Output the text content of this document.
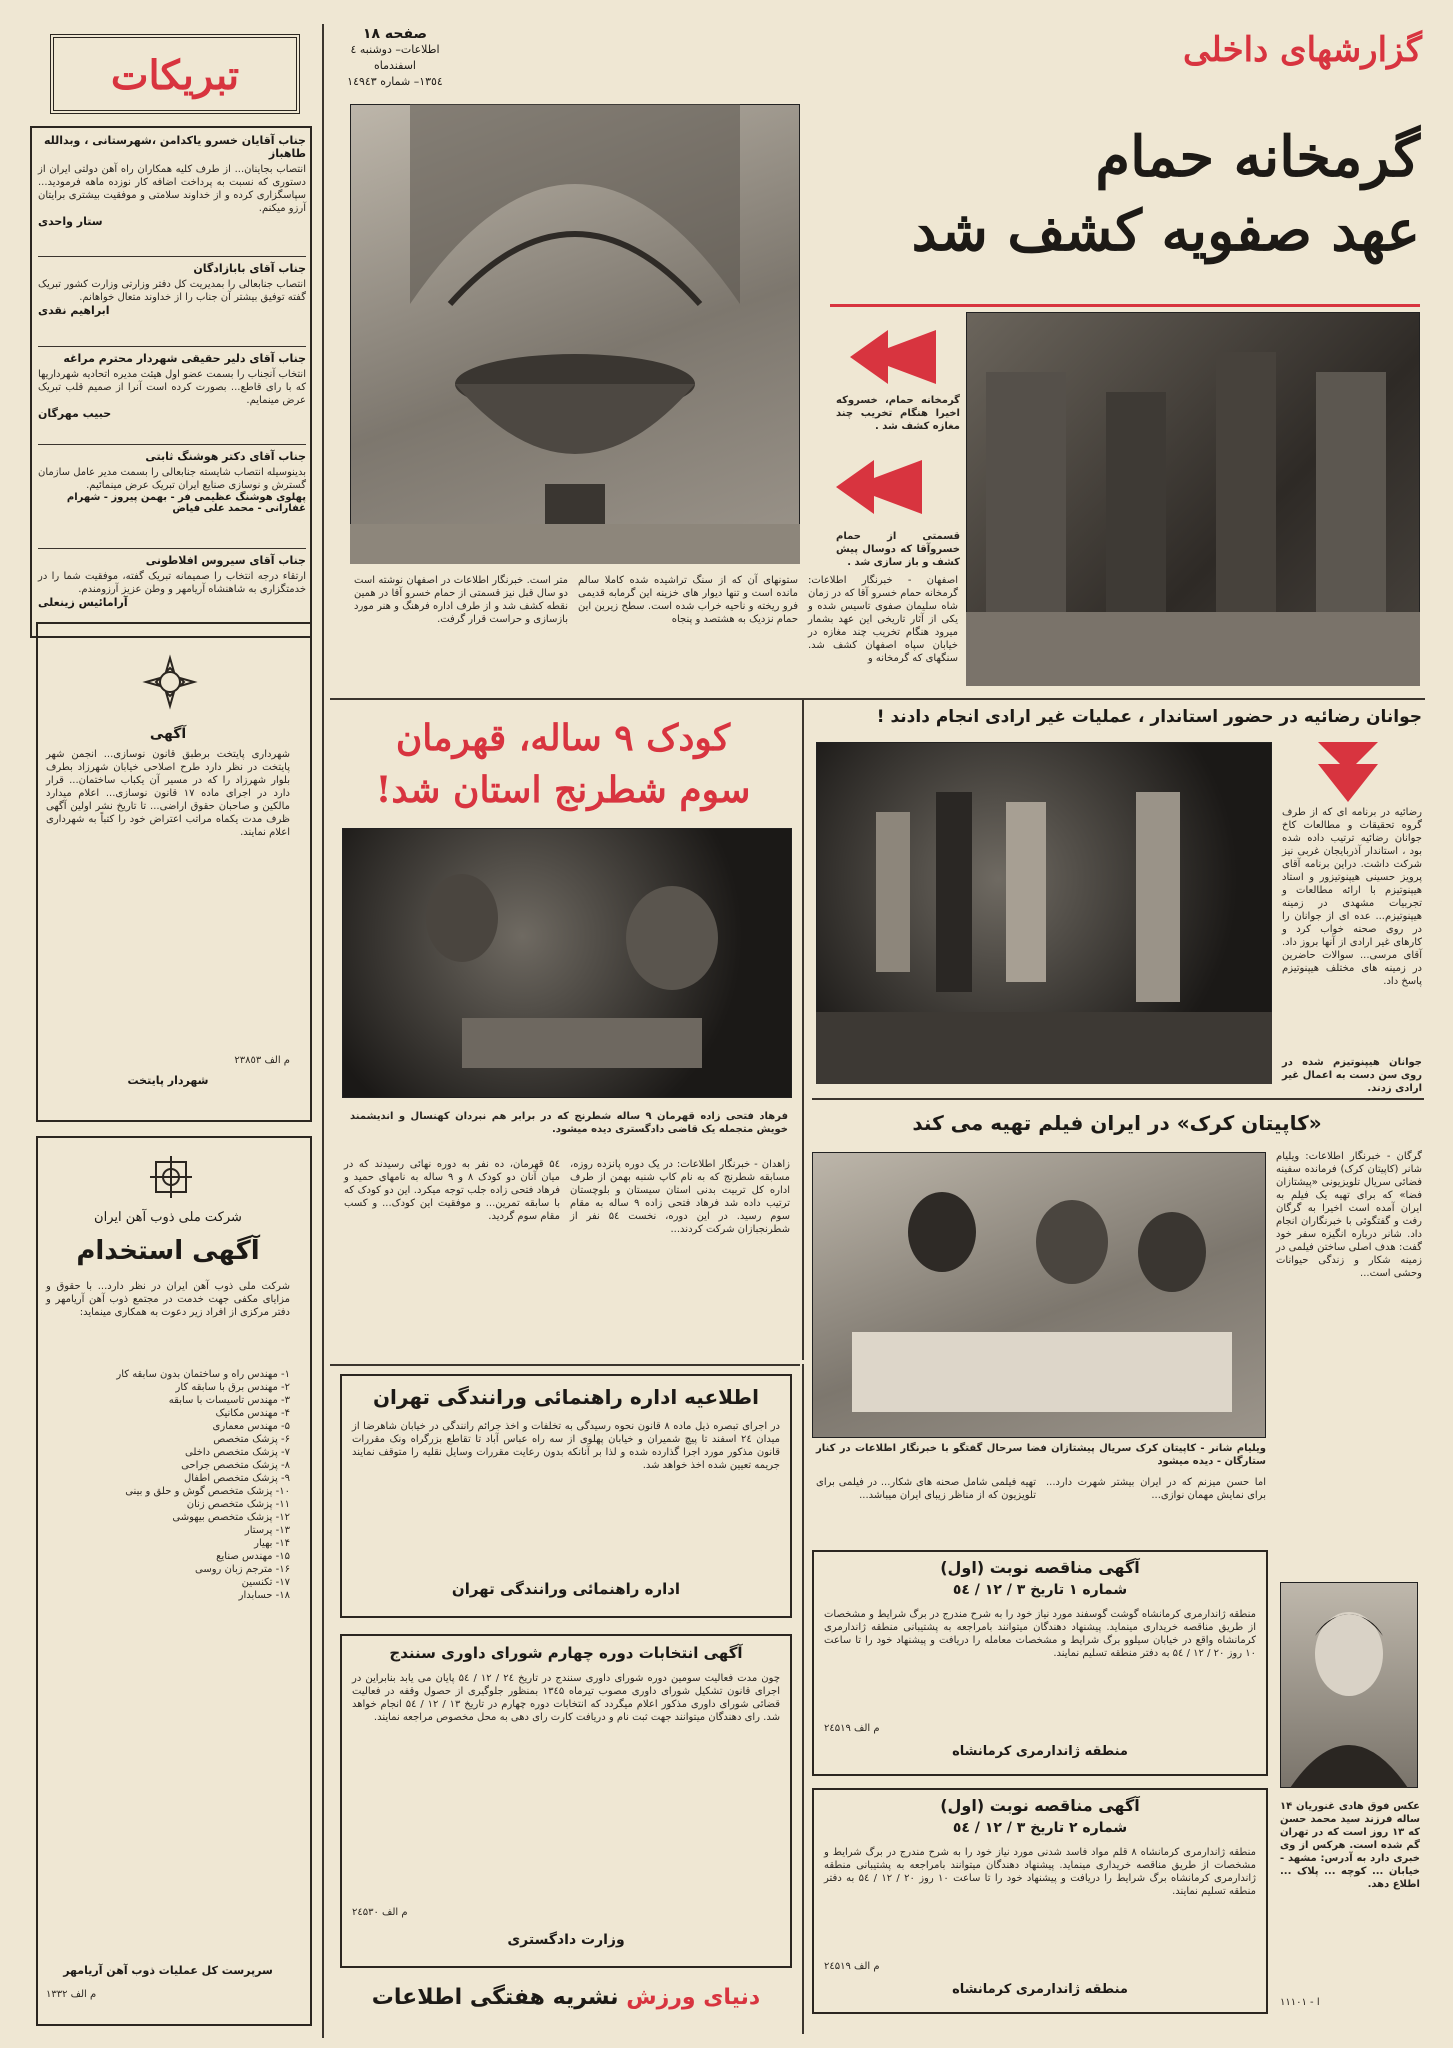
صفحه ۱۸
اطلاعات– دوشنبه ٤ اسفندماه
۱۳٥٤– شماره ۱٤۹٤۳
گزارشهای داخلی
تبریکات
جناب آقایان خسرو یاکدامن ،شهرستانی ، وبدالله طاهباز
انتصاب بجاینان... از طرف کلیه همکاران راه آهن دولتی ایران از دستوری که نسبت به پرداخت اضافه کار نوزده ماهه فرمودید... سپاسگزاری کرده و از خداوند سلامتی و موفقیت بیشتری برایتان آرزو میکنم.
ستار واحدی
جناب آقای بابازادگان
انتصاب جنابعالی را بمدیریت کل دفتر وزارتی وزارت کشور تبریک گفته توفیق بیشتر آن جناب را از خداوند متعال خواهانم.
ابراهیم نقدی
جناب آقای دلیر حقیقی شهردار محترم مراغه
انتخاب آنجناب را بسمت عضو اول هیئت مدیره اتحادیه شهرداریها که با رای قاطع... بصورت کرده است آنرا از صمیم قلب تبریک عرض مینمایم.
حبیب مهرگان
جناب آقای دکتر هوشنگ ثابتی
بدینوسیله انتصاب شایسته جنابعالی را بسمت مدیر عامل سازمان گسترش و نوسازی صنایع ایران تبریک عرض مینمائیم.
پهلوی هوشنگ عظیمی فر - بهمن پیروز - شهرام غفارانی - محمد علی فیاض
جناب آقای سیروس افلاطونی
ارتقاء درجه انتخاب را صمیمانه تبریک گفته، موفقیت شما را در خدمتگزاری به شاهنشاه آریامهر و وطن عزیز آرزومندم.
آرامائیس زینعلی
آگهی
شهرداری پایتخت برطبق قانون نوسازی... انجمن شهر پایتخت در نظر دارد طرح اصلاحی خیابان شهرزاد بطرف بلوار شهرزاد را که در مسیر آن یکباب ساختمان... قرار دارد در اجرای ماده ۱۷ قانون نوسازی... اعلام میدارد مالکین و صاحبان حقوق اراضی... تا تاریخ نشر اولین آگهی ظرف مدت یکماه مراتب اعتراض خود را کتباً به شهرداری اعلام نمایند.
م الف ۲۳٨٥۳
شهردار پایتخت
شرکت ملی ذوب آهن ایران
آگهی استخدام
شرکت ملی ذوب آهن ایران در نظر دارد... با حقوق و مزایای مکفی جهت خدمت در مجتمع ذوب آهن آریامهر و دفتر مرکزی از افراد زیر دعوت به همکاری مینماید:
۱- مهندس راه و ساختمان بدون سابقه کار
۲- مهندس برق با سابقه کار
۳- مهندس تاسیسات با سابقه
۴- مهندس مکانیک
۵- مهندس معماری
۶- پزشک متخصص
۷- پزشک متخصص داخلی
۸- پزشک متخصص جراحی
۹- پزشک متخصص اطفال
۱۰- پزشک متخصص گوش و حلق و بینی
۱۱- پزشک متخصص زنان
۱۲- پزشک متخصص بیهوشی
۱۳- پرستار
۱۴- بهیار
۱۵- مهندس صنایع
۱۶- مترجم زبان روسی
۱۷- تکنسین
۱۸- حسابدار
سرپرست کل عملیات ذوب آهن آریامهر
م الف ۱۳۳۲
گرمخانه حمام
عهد صفویه کشف شد
گرمخانه حمام، خسروکه اخیرا هنگام تخریب چند مغازه کشف شد .
قسمتی از حمام خسروآقا که دوسال پیش کشف و باز سازی شد .
اصفهان - خبرنگار اطلاعات: گرمخانه حمام خسرو آقا که در زمان شاه سلیمان صفوی تاسیس شده و یکی از آثار تاریخی این عهد بشمار میرود هنگام تخریب چند مغازه در خیابان سپاه اصفهان کشف شد. سنگهای که گرمخانه و
ستونهای آن که از سنگ تراشیده شده کاملا سالم مانده است و تنها دیوار های خزینه این گرمابه قدیمی فرو ریخته و ناحیه خراب شده است. سطح زیرین این حمام نزدیک به هشتصد و پنجاه
متر است. خبرنگار اطلاعات در اصفهان نوشته است دو سال قبل نیز قسمتی از حمام خسرو آقا در همین نقطه کشف شد و از طرف اداره فرهنگ و هنر مورد بازسازی و حراست قرار گرفت.
کودک ۹ ساله، قهرمان
سوم شطرنج استان شد!
فرهاد فتحی زاده قهرمان ۹ ساله شطرنج که در برابر هم نبردان کهنسال و اندیشمند خویش متجمله یک قاضی دادگستری دیده میشود.
زاهدان - خبرنگار اطلاعات: در یک دوره پانزده روزه، مسابقه شطرنج که به نام کاپ شنبه بهمن از طرف اداره کل تربیت بدنی استان سیستان و بلوچستان ترتیب داده شد فرهاد فتحی زاده ۹ ساله به مقام سوم رسید. در این دوره، نخست ۵٤ نفر از شطرنجبازان شرکت کردند...
۵٤ قهرمان، ده نفر به دوره نهائی رسیدند که در میان آنان دو کودک ۸ و ۹ ساله به نامهای حمید و فرهاد فتحی زاده جلب توجه میکرد. این دو کودک که با سابقه تمرین... و موفقیت این کودک... و کسب مقام سوم گردید.
جوانان رضائیه در حضور استاندار ، عملیات غیر ارادی انجام دادند !
رضائیه در برنامه ای که از طرف گروه تحقیقات و مطالعات کاخ جوانان رضائیه ترتیب داده شده بود ، استاندار آذربایجان غربی نیز شرکت داشت. دراین برنامه آقای پرویز حسینی هیپنوتیزور و استاد هیپنوتیزم با ارائه مطالعات و تجربیات مشهدی در زمینه هیپنوتیزم... عده ای از جوانان را در روی صحنه خواب کرد و کارهای غیر ارادی از آنها بروز داد. آقای مرسی... سوالات حاضرین در زمینه های مختلف هیپنوتیزم پاسخ داد.
جوانان هیپنوتیزم شده در روی سن دست به اعمال غیر ارادی زدند.
«کاپیتان کرک» در ایران فیلم تهیه می کند
گرگان - خبرنگار اطلاعات: ویلیام شانر (کاپیتان کرک) فرمانده سفینه فضائی سریال تلویزیونی «پیشتازان فضا» که برای تهیه یک فیلم به ایران آمده است اخیرا به گرگان رفت و گفتگوئی با خبرنگاران انجام داد. شانر درباره انگیزه سفر خود گفت: هدف اصلی ساختن فیلمی در زمینه شکار و زندگی حیوانات وحشی است...
ویلیام شانر - کاپیتان کرک سریال پیشتازان فضا سرحال گفتگو با خبرنگار اطلاعات در کنار ستارگان - دیده میشود
اما حسن میزنم که در ایران بیشتر شهرت دارد... برای نمایش مهمان نوازی...
تهیه فیلمی شامل صحنه های شکار... در فیلمی برای تلویزیون که از مناظر زیبای ایران میباشد...
اطلاعیه اداره راهنمائی ورانندگی تهران
در اجرای تبصره ذیل ماده ۸ قانون نحوه رسیدگی به تخلفات و اخذ جرائم رانندگی در خیابان شاهرضا از میدان ۲٤ اسفند تا پیچ شمیران و خیابان پهلوی از سه راه عباس آباد تا تقاطع بزرگراه ونک مقررات قانون مذکور مورد اجرا گذارده شده و لذا بر آنانکه بدون رعایت مقررات وسایل نقلیه را متوقف نمایند جریمه تعیین شده اخذ خواهد شد.
اداره راهنمائی ورانندگی تهران
آگهی انتخابات دوره چهارم شورای داوری سنندج
چون مدت فعالیت سومین دوره شورای داوری سنندج در تاریخ ۲٤ / ۱۲ / ۵٤ پایان می یابد بنابراین در اجرای قانون تشکیل شورای داوری مصوب تیرماه ۱۳٤۵ بمنظور جلوگیری از حصول وقفه در فعالیت قضائی شورای داوری مذکور اعلام میگردد که انتخابات دوره چهارم در تاریخ ۱۳ / ۱۲ / ۵٤ انجام خواهد شد. رای دهندگان میتوانند جهت ثبت نام و دریافت کارت رای دهی به محل مخصوص مراجعه نمایند.
م الف ۲٤۵۳۰
وزارت دادگستری
دنیای ورزش نشریه هفتگی اطلاعات
آگهی مناقصه نوبت (اول)
شماره ۱ تاریخ ۳ / ۱۲ / ٥٤
منطقه ژاندارمری کرمانشاه گوشت گوسفند مورد نیاز خود را به شرح مندرج در برگ شرایط و مشخصات از طریق مناقصه خریداری مینماید. پیشنهاد دهندگان میتوانند بامراجعه به پشتیبانی منطقه ژاندارمری کرمانشاه واقع در خیابان سیلوو برگ شرایط و مشخصات معامله را دریافت و پیشنهاد خود را تا ساعت ۱۰ روز ۲۰ / ۱۲ / ۵٤ به دفتر منطقه تسلیم نمایند.
م الف ۲٤۵۱۹
منطقه ژاندارمری کرمانشاه
آگهی مناقصه نوبت (اول)
شماره ۲ تاریخ ۳ / ۱۲ / ٥٤
منطقه ژاندارمری کرمانشاه ٨ قلم مواد فاسد شدنی مورد نیاز خود را به شرح مندرج در برگ شرایط و مشخصات از طریق مناقصه خریداری مینماید. پیشنهاد دهندگان میتوانند بامراجعه به پشتیبانی منطقه ژاندارمری کرمانشاه برگ شرایط را دریافت و پیشنهاد خود را تا ساعت ۱۰ روز ۲۰ / ۱۲ / ۵٤ به دفتر منطقه تسلیم نمایند.
م الف ۲٤۵۱۹
منطقه ژاندارمری کرمانشاه
عکس فوق هادی غنوریان ۱۴ ساله فرزند سید محمد حسن که ۱۳ روز است که در تهران گم شده است. هرکس از وی خبری دارد به آدرس: مشهد - خیابان ... کوچه ... پلاک ... اطلاع دهد.
ا - ۱۱۱۰۱
